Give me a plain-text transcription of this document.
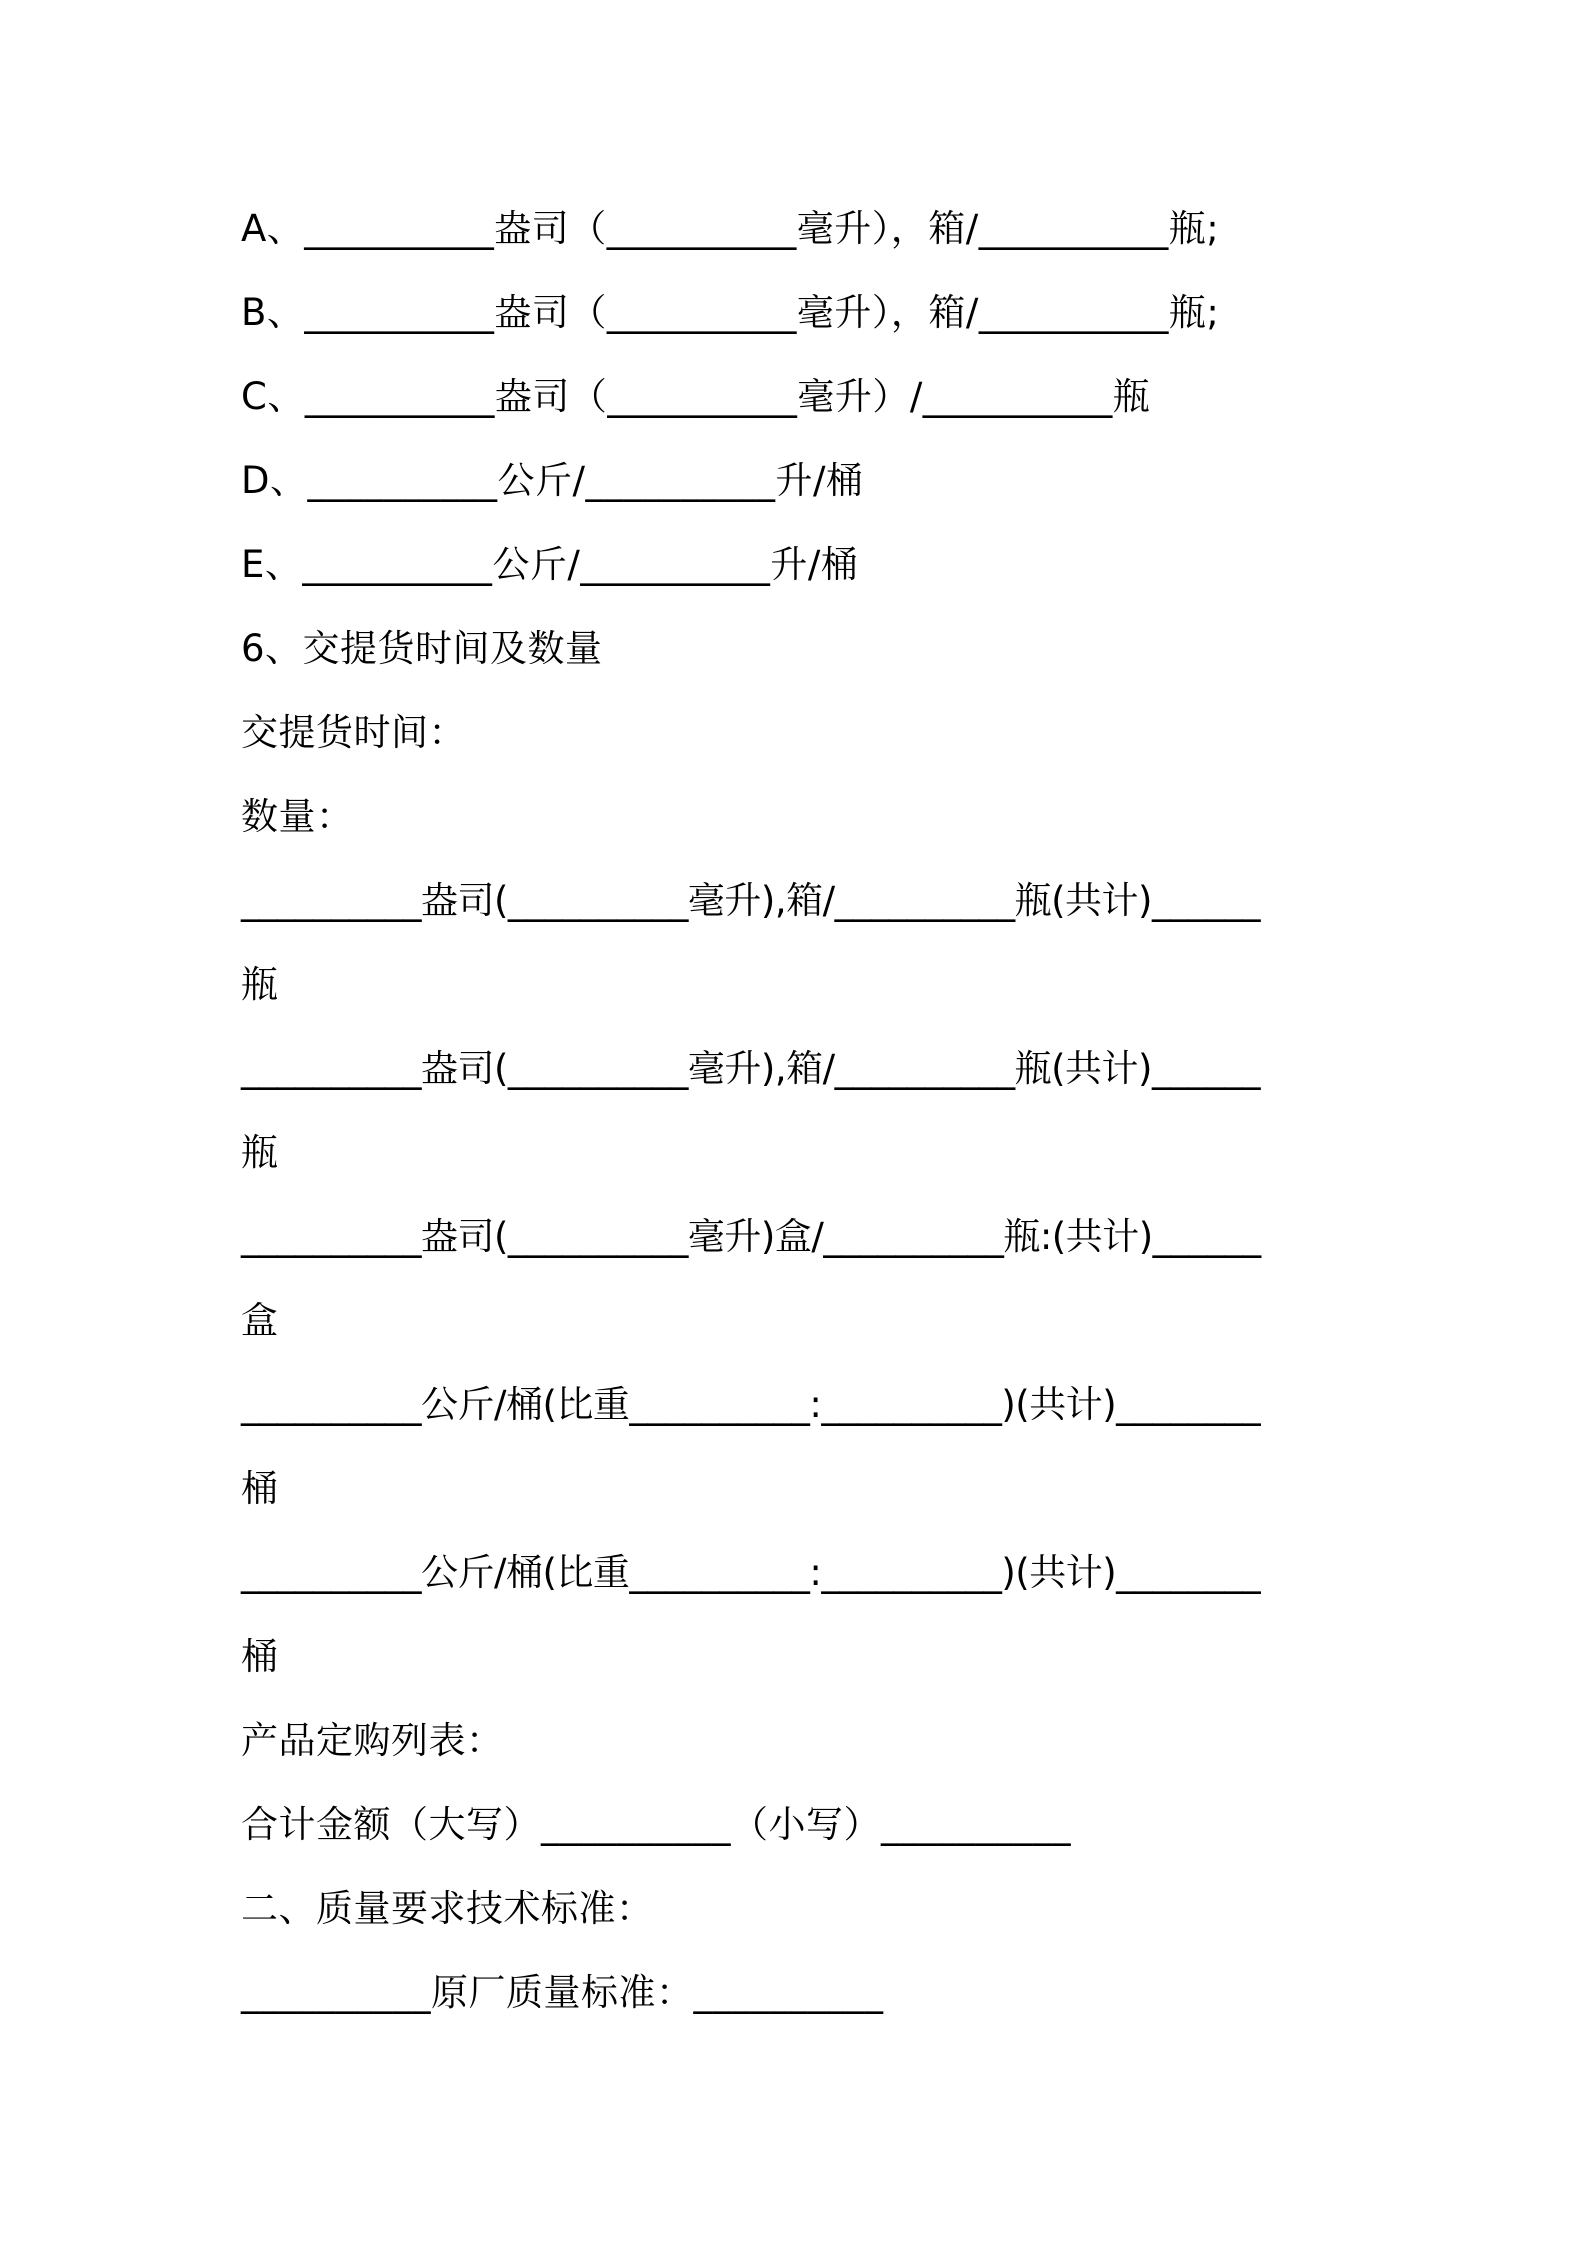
A、__________盎司（__________毫升），箱/__________瓶;
B、__________盎司（__________毫升），箱/__________瓶;
C、__________盎司（__________毫升）/__________瓶
D、__________公斤/__________升/桶
E、__________公斤/__________升/桶
6、交提货时间及数量
交提货时间：
数量：
__________盎司(__________毫升),箱/__________瓶(共计)______
瓶
__________盎司(__________毫升),箱/__________瓶(共计)______
瓶
__________盎司(__________毫升)盒/__________瓶:(共计)______
盒
__________公斤/桶(比重__________:__________)(共计)________
桶
__________公斤/桶(比重__________:__________)(共计)________
桶
产品定购列表：
合计金额（大写）__________（小写）__________
二、质量要求技术标准：
__________原厂质量标准：__________
